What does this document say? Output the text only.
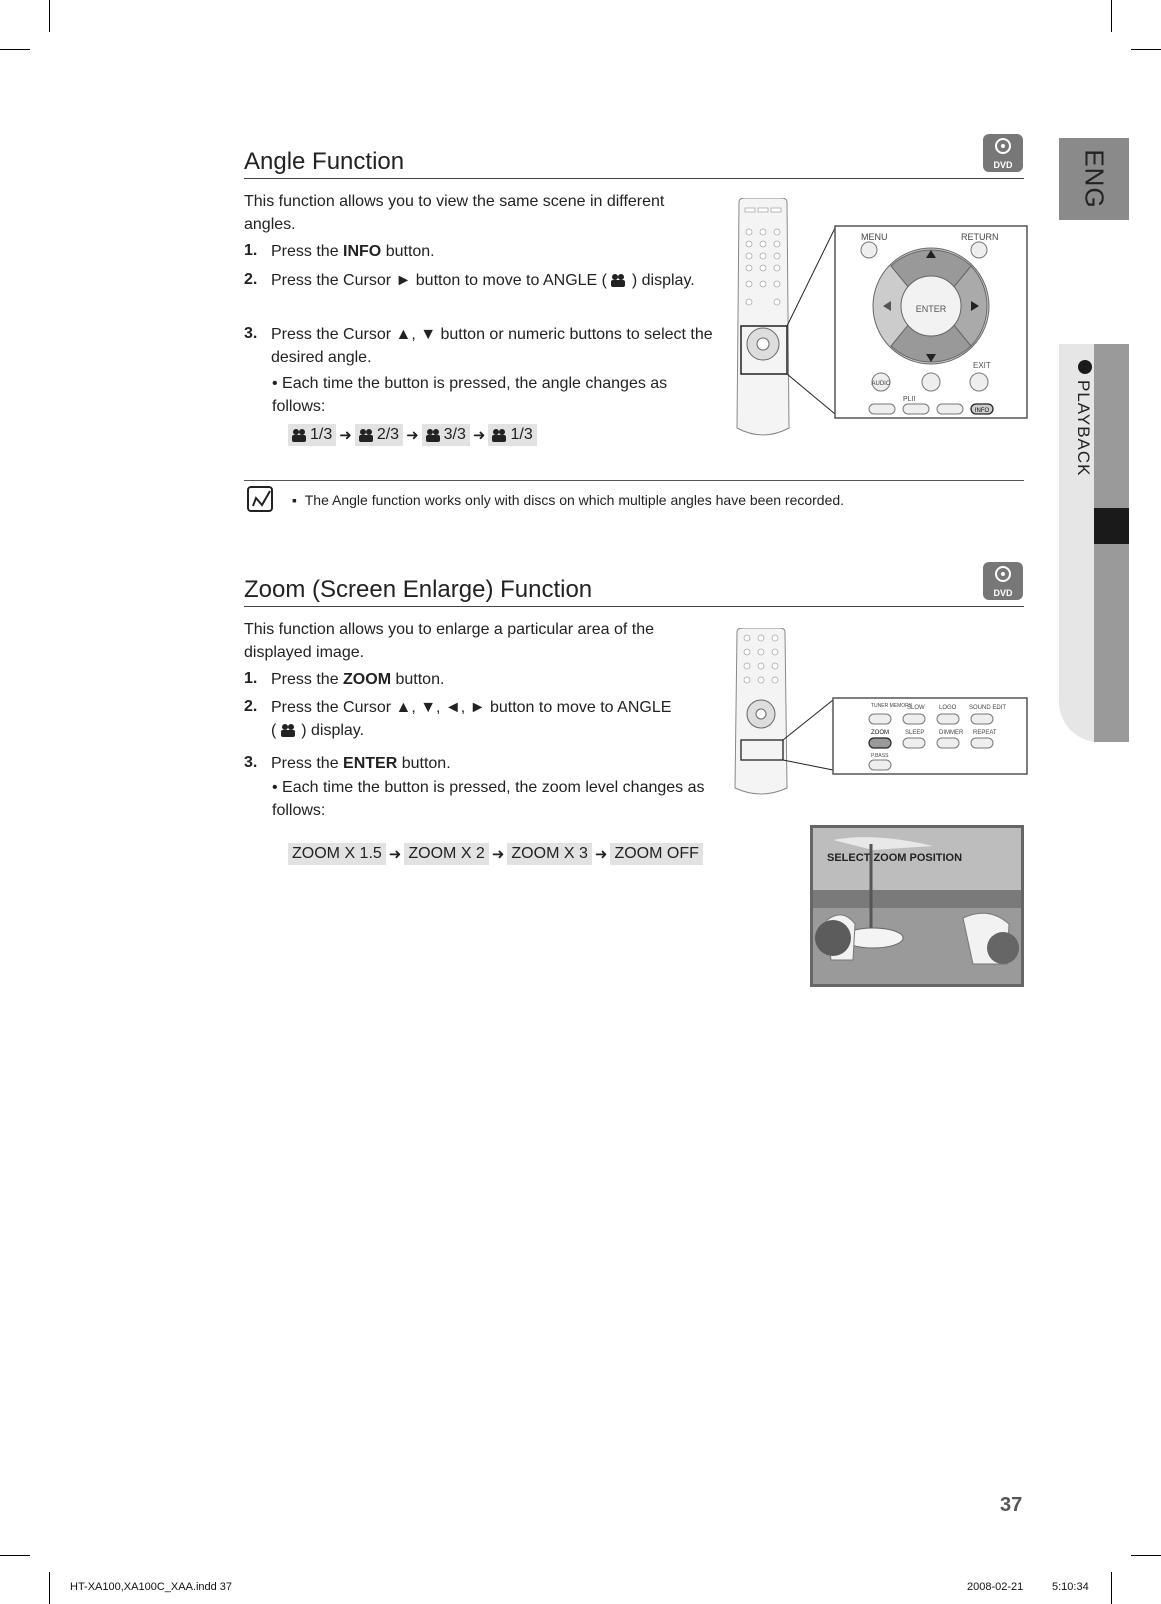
ENG
PLAYBACK
Angle Function	DVD
This function allows you to view the same scene in different angles.
1. Press the INFO button.
2. Press the Cursor ► button to move to ANGLE (
) display.
3. Press the Cursor ▲, ▼ button or numeric buttons to select the desired angle.
• Each time the button is pressed, the angle changes as follows:
1/3 ➜ 2/3 ➜ 3/3 ➜ 1/3
MENU	RETURN
ENTER
EXIT
AUDIO
PLII
INFO
▪  The Angle function works only with discs on which multiple angles have been recorded.
Zoom (Screen Enlarge) Function	DVD
This function allows you to enlarge a particular area of the displayed image.
1. Press the ZOOM button.
2. Press the Cursor ▲, ▼, ◄, ► button to move to ANGLE
(
) display.
3. Press the ENTER button.
• Each time the button is pressed, the zoom level changes as follows:
ZOOM X 1.5 ➜ ZOOM X 2 ➜ ZOOM X 3 ➜ ZOOM OFF
TUNER MEMORY
SLOW LOGO SOUND EDIT
ZOOM	SLEEP DIMMER REPEAT
P.BASS
SELECT ZOOM POSITION
37
HT-XA100,XA100C_XAA.indd 37	2008-02-21	5:10:34
